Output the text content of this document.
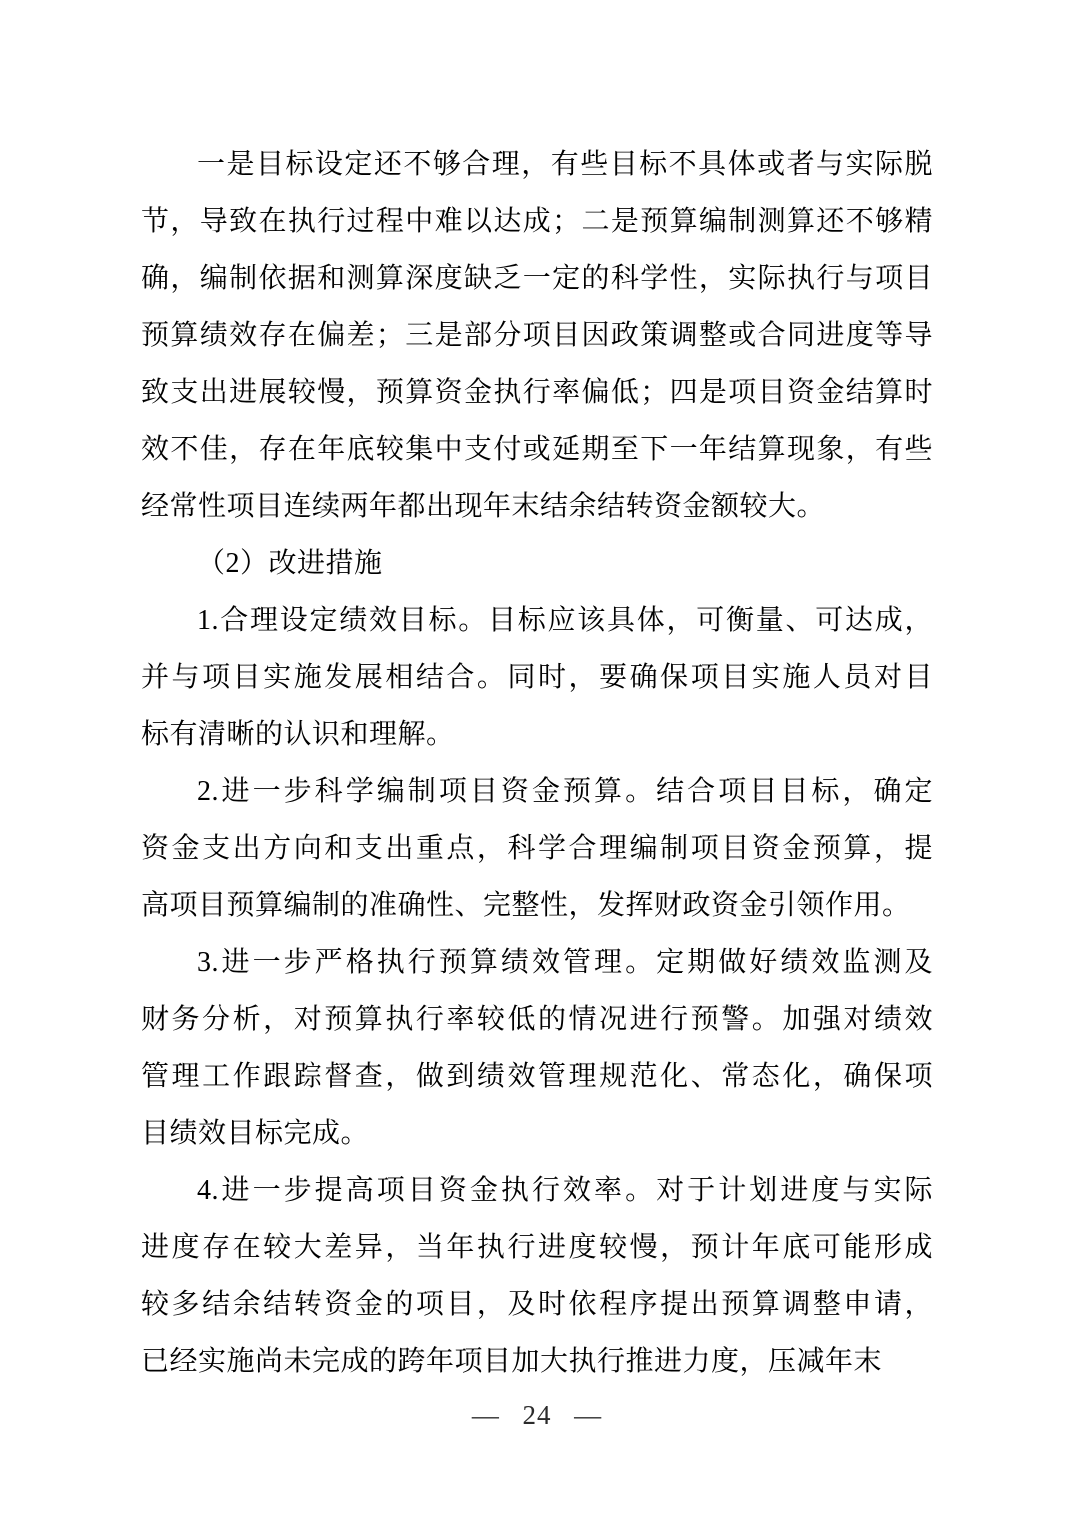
一是目标设定还不够合理，有些目标不具体或者与实际脱
节，导致在执行过程中难以达成；二是预算编制测算还不够精
确，编制依据和测算深度缺乏一定的科学性，实际执行与项目
预算绩效存在偏差；三是部分项目因政策调整或合同进度等导
致支出进展较慢，预算资金执行率偏低；四是项目资金结算时
效不佳，存在年底较集中支付或延期至下一年结算现象，有些
经常性项目连续两年都出现年末结余结转资金额较大。
（2）改进措施
1.合理设定绩效目标。目标应该具体，可衡量、可达成，
并与项目实施发展相结合。同时，要确保项目实施人员对目
标有清晰的认识和理解。
2.进一步科学编制项目资金预算。结合项目目标，确定
资金支出方向和支出重点，科学合理编制项目资金预算，提
高项目预算编制的准确性、完整性，发挥财政资金引领作用。
3.进一步严格执行预算绩效管理。定期做好绩效监测及
财务分析，对预算执行率较低的情况进行预警。加强对绩效
管理工作跟踪督查，做到绩效管理规范化、常态化，确保项
目绩效目标完成。
4.进一步提高项目资金执行效率。对于计划进度与实际
进度存在较大差异，当年执行进度较慢，预计年底可能形成
较多结余结转资金的项目，及时依程序提出预算调整申请，
已经实施尚未完成的跨年项目加大执行推进力度，压减年末
— 24 —
